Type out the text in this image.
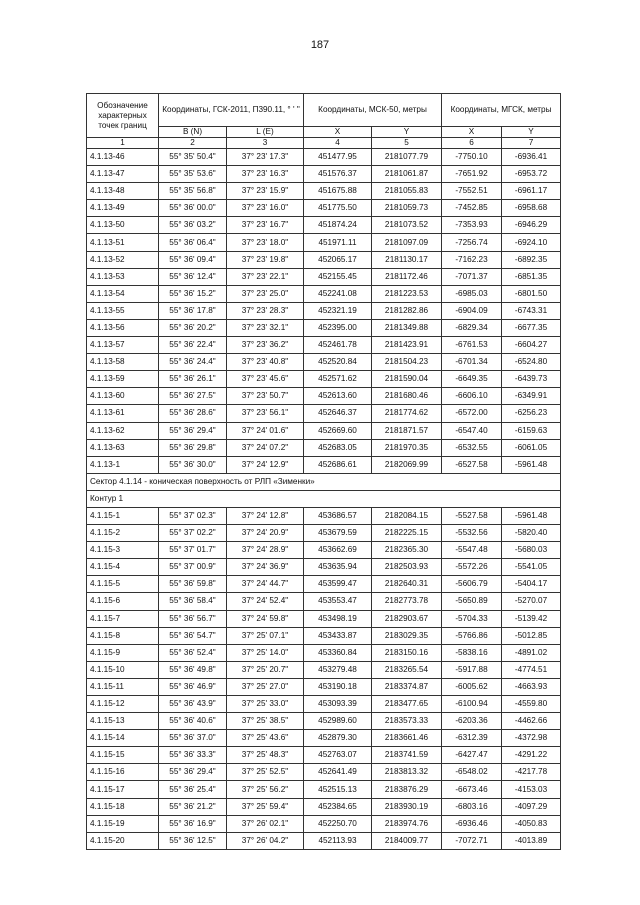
187
Обозначение характерных точек границ	Координаты, ГСК-2011, П390.11, ° ' "		Координаты, МСК-50, метры		Координаты, МГСК, метры	
	B (N)	L (E)	X	Y	X	Y
1	2	3	4	5	6	7
4.1.13-46	55° 35' 50.4"	37° 23' 17.3"	451477.95	2181077.79	-7750.10	-6936.41
4.1.13-47	55° 35' 53.6"	37° 23' 16.3"	451576.37	2181061.87	-7651.92	-6953.72
4.1.13-48	55° 35' 56.8"	37° 23' 15.9"	451675.88	2181055.83	-7552.51	-6961.17
4.1.13-49	55° 36' 00.0"	37° 23' 16.0"	451775.50	2181059.73	-7452.85	-6958.68
4.1.13-50	55° 36' 03.2"	37° 23' 16.7"	451874.24	2181073.52	-7353.93	-6946.29
4.1.13-51	55° 36' 06.4"	37° 23' 18.0"	451971.11	2181097.09	-7256.74	-6924.10
4.1.13-52	55° 36' 09.4"	37° 23' 19.8"	452065.17	2181130.17	-7162.23	-6892.35
4.1.13-53	55° 36' 12.4"	37° 23' 22.1"	452155.45	2181172.46	-7071.37	-6851.35
4.1.13-54	55° 36' 15.2"	37° 23' 25.0"	452241.08	2181223.53	-6985.03	-6801.50
4.1.13-55	55° 36' 17.8"	37° 23' 28.3"	452321.19	2181282.86	-6904.09	-6743.31
4.1.13-56	55° 36' 20.2"	37° 23' 32.1"	452395.00	2181349.88	-6829.34	-6677.35
4.1.13-57	55° 36' 22.4"	37° 23' 36.2"	452461.78	2181423.91	-6761.53	-6604.27
4.1.13-58	55° 36' 24.4"	37° 23' 40.8"	452520.84	2181504.23	-6701.34	-6524.80
4.1.13-59	55° 36' 26.1"	37° 23' 45.6"	452571.62	2181590.04	-6649.35	-6439.73
4.1.13-60	55° 36' 27.5"	37° 23' 50.7"	452613.60	2181680.46	-6606.10	-6349.91
4.1.13-61	55° 36' 28.6"	37° 23' 56.1"	452646.37	2181774.62	-6572.00	-6256.23
4.1.13-62	55° 36' 29.4"	37° 24' 01.6"	452669.60	2181871.57	-6547.40	-6159.63
4.1.13-63	55° 36' 29.8"	37° 24' 07.2"	452683.05	2181970.35	-6532.55	-6061.05
4.1.13-1	55° 36' 30.0"	37° 24' 12.9"	452686.61	2182069.99	-6527.58	-5961.48
Сектор 4.1.14 - коническая поверхность от РЛП «Зименки»						
Контур 1						
4.1.15-1	55° 37' 02.3"	37° 24' 12.8"	453686.57	2182084.15	-5527.58	-5961.48
4.1.15-2	55° 37' 02.2"	37° 24' 20.9"	453679.59	2182225.15	-5532.56	-5820.40
4.1.15-3	55° 37' 01.7"	37° 24' 28.9"	453662.69	2182365.30	-5547.48	-5680.03
4.1.15-4	55° 37' 00.9"	37° 24' 36.9"	453635.94	2182503.93	-5572.26	-5541.05
4.1.15-5	55° 36' 59.8"	37° 24' 44.7"	453599.47	2182640.31	-5606.79	-5404.17
4.1.15-6	55° 36' 58.4"	37° 24' 52.4"	453553.47	2182773.78	-5650.89	-5270.07
4.1.15-7	55° 36' 56.7"	37° 24' 59.8"	453498.19	2182903.67	-5704.33	-5139.42
4.1.15-8	55° 36' 54.7"	37° 25' 07.1"	453433.87	2183029.35	-5766.86	-5012.85
4.1.15-9	55° 36' 52.4"	37° 25' 14.0"	453360.84	2183150.16	-5838.16	-4891.02
4.1.15-10	55° 36' 49.8"	37° 25' 20.7"	453279.48	2183265.54	-5917.88	-4774.51
4.1.15-11	55° 36' 46.9"	37° 25' 27.0"	453190.18	2183374.87	-6005.62	-4663.93
4.1.15-12	55° 36' 43.9"	37° 25' 33.0"	453093.39	2183477.65	-6100.94	-4559.80
4.1.15-13	55° 36' 40.6"	37° 25' 38.5"	452989.60	2183573.33	-6203.36	-4462.66
4.1.15-14	55° 36' 37.0"	37° 25' 43.6"	452879.30	2183661.46	-6312.39	-4372.98
4.1.15-15	55° 36' 33.3"	37° 25' 48.3"	452763.07	2183741.59	-6427.47	-4291.22
4.1.15-16	55° 36' 29.4"	37° 25' 52.5"	452641.49	2183813.32	-6548.02	-4217.78
4.1.15-17	55° 36' 25.4"	37° 25' 56.2"	452515.13	2183876.29	-6673.46	-4153.03
4.1.15-18	55° 36' 21.2"	37° 25' 59.4"	452384.65	2183930.19	-6803.16	-4097.29
4.1.15-19	55° 36' 16.9"	37° 26' 02.1"	452250.70	2183974.76	-6936.46	-4050.83
4.1.15-20	55° 36' 12.5"	37° 26' 04.2"	452113.93	2184009.77	-7072.71	-4013.89
